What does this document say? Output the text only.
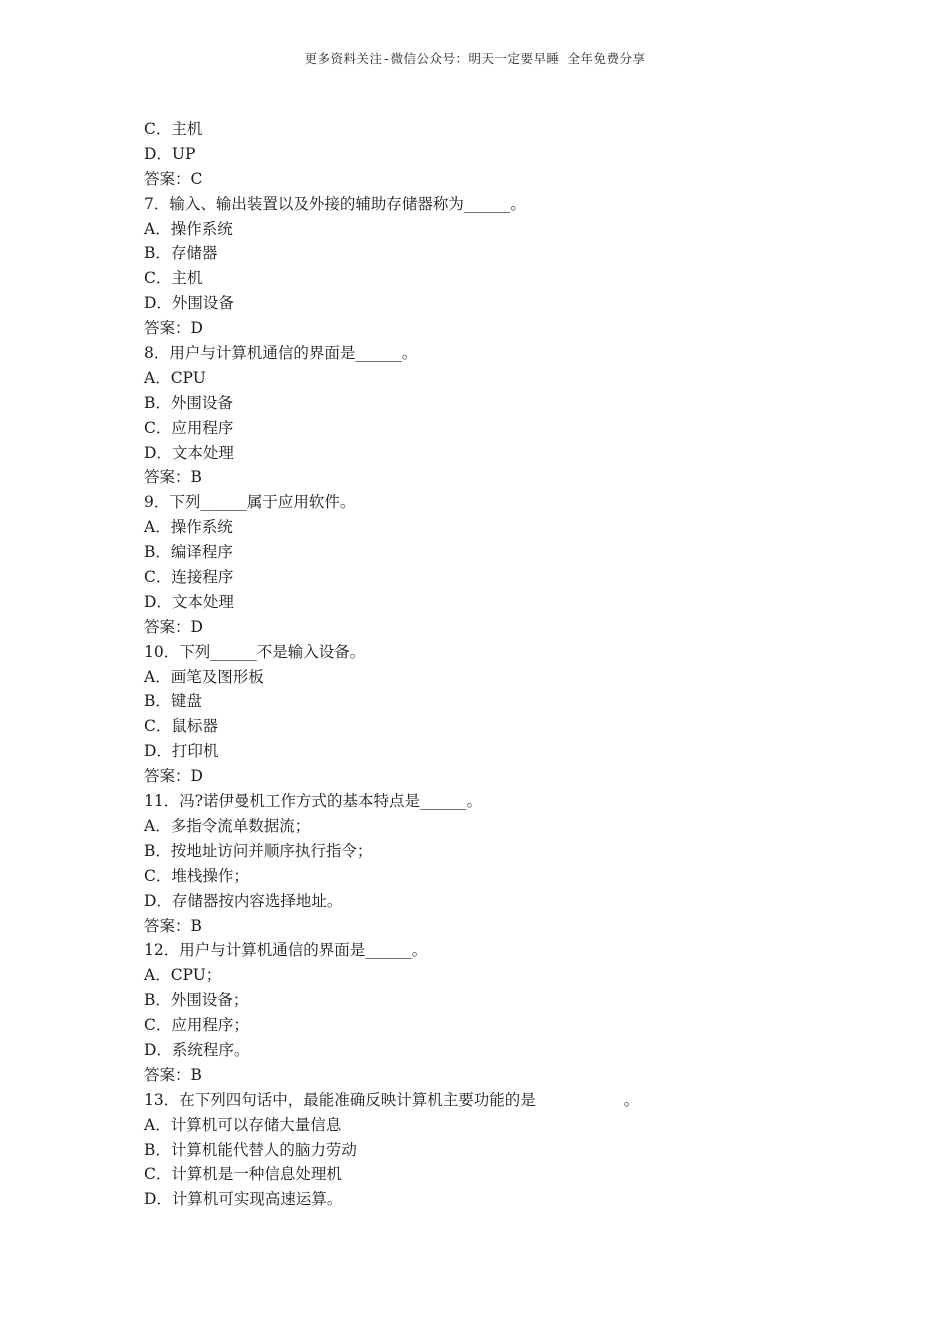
更多资料关注-微信公众号：明天一定要早睡 全年免费分享
C．主机
D．UP
答案：C
7．输入、输出装置以及外接的辅助存储器称为______。
A．操作系统
B．存储器
C．主机
D．外围设备
答案：D
8．用户与计算机通信的界面是______。
A．CPU
B．外围设备
C．应用程序
D．文本处理
答案：B
9．下列______属于应用软件。
A．操作系统
B．编译程序
C．连接程序
D．文本处理
答案：D
10．下列______不是输入设备。
A．画笔及图形板
B．键盘
C．鼠标器
D．打印机
答案：D
11．冯?诺伊曼机工作方式的基本特点是______。
A．多指令流单数据流；
B．按地址访问并顺序执行指令；
C．堆栈操作；
D．存储器按内容选择地址。
答案：B
12．用户与计算机通信的界面是______。
A．CPU；
B．外围设备；
C．应用程序；
D．系统程序。
答案：B
13．在下列四句话中，最能准确反映计算机主要功能的是	。
A．计算机可以存储大量信息
B．计算机能代替人的脑力劳动
C．计算机是一种信息处理机
D．计算机可实现高速运算。
